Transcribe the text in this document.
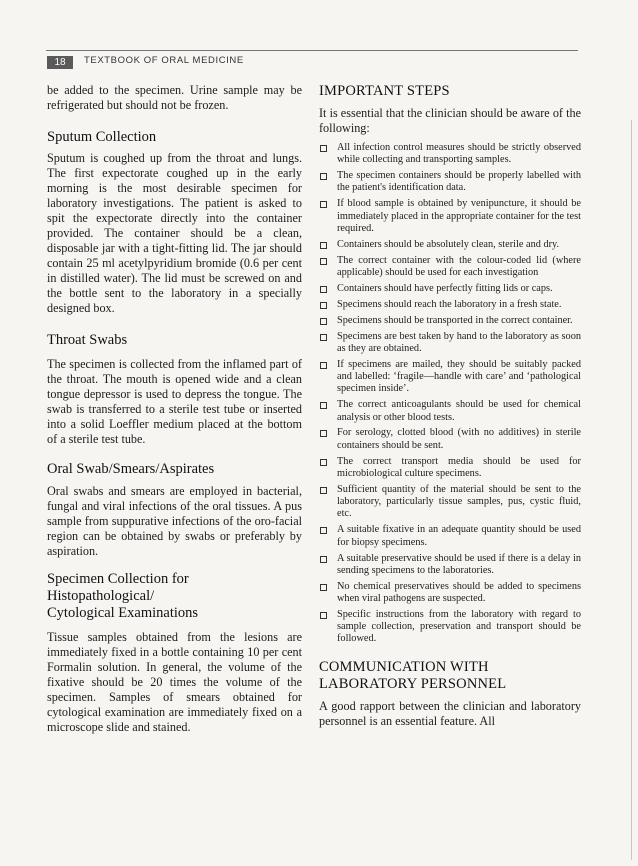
18	TEXTBOOK OF ORAL MEDICINE

be added to the specimen. Urine sample may be refrigerated but should not be frozen.

Sputum Collection

Sputum is coughed up from the throat and lungs. The first expectorate coughed up in the early morning is the most desirable specimen for laboratory investigations. The patient is asked to spit the expectorate directly into the container provided. The container should be a clean, disposable jar with a tight-fitting lid. The jar should contain 25 ml acetylpyridium bromide (0.6 per cent in distilled water). The lid must be screwed on and the bottle sent to the laboratory in a specially designed box.

Throat Swabs

The specimen is collected from the inflamed part of the throat. The mouth is opened wide and a clean tongue depressor is used to depress the tongue. The swab is transferred to a sterile test tube or inserted into a solid Loeffler medium placed at the bottom of a sterile test tube.

Oral Swab/Smears/Aspirates

Oral swabs and smears are employed in bacterial, fungal and viral infections of the oral tissues. A pus sample from suppurative infections of the oro-facial region can be obtained by swabs or preferably by aspiration.

Specimen Collection for
Histopathological/
Cytological Examinations

Tissue samples obtained from the lesions are immediately fixed in a bottle containing 10 per cent Formalin solution. In general, the volume of the fixative should be 20 times the volume of the specimen. Samples of smears obtained for cytological examination are immediately fixed on a microscope slide and stained.

IMPORTANT STEPS

It is essential that the clinician should be aware of the following:

All infection control measures should be strictly observed while collecting and transporting samples.
The specimen containers should be properly labelled with the patient's identification data.
If blood sample is obtained by venipuncture, it should be immediately placed in the appropriate container for the test required.
Containers should be absolutely clean, sterile and dry.
The correct container with the colour-coded lid (where applicable) should be used for each investigation
Containers should have perfectly fitting lids or caps.
Specimens should reach the laboratory in a fresh state.
Specimens should be transported in the correct container.
Specimens are best taken by hand to the laboratory as soon as they are obtained.
If specimens are mailed, they should be suitably packed and labelled: ‘fragile—handle with care’ and ‘pathological specimen inside’.
The correct anticoagulants should be used for chemical analysis or other blood tests.
For serology, clotted blood (with no additives) in sterile containers should be sent.
The correct transport media should be used for microbiological culture specimens.
Sufficient quantity of the material should be sent to the laboratory, particularly tissue samples, pus, cystic fluid, etc.
A suitable fixative in an adequate quantity should be used for biopsy specimens.
A suitable preservative should be used if there is a delay in sending specimens to the laboratories.
No chemical preservatives should be added to specimens when viral pathogens are suspected.
Specific instructions from the laboratory with regard to sample collection, preservation and transport should be followed.
COMMUNICATION WITH
LABORATORY PERSONNEL

A good rapport between the clinician and laboratory personnel is an essential feature. All
